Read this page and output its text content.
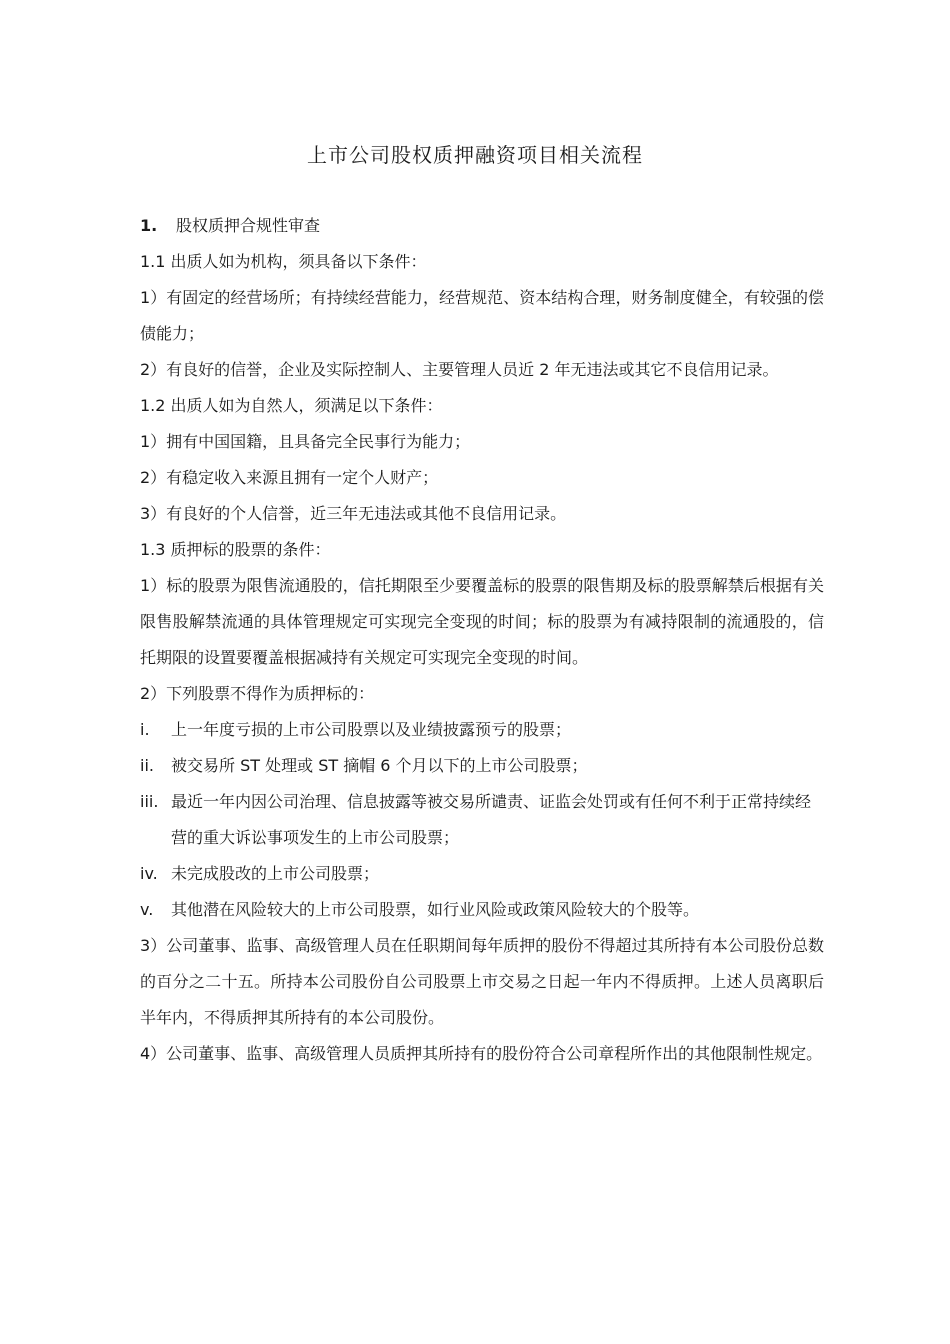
上市公司股权质押融资项目相关流程
1.	股权质押合规性审查

1.1 出质人如为机构，须具备以下条件：

1）有固定的经营场所；有持续经营能力，经营规范、资本结构合理，财务制度健全，有较强的偿债能力；

2）有良好的信誉，企业及实际控制人、主要管理人员近 2 年无违法或其它不良信用记录。

1.2 出质人如为自然人，须满足以下条件：

1）拥有中国国籍，且具备完全民事行为能力；

2）有稳定收入来源且拥有一定个人财产；

3）有良好的个人信誉，近三年无违法或其他不良信用记录。

1.3 质押标的股票的条件：

1）标的股票为限售流通股的，信托期限至少要覆盖标的股票的限售期及标的股票解禁后根据有关限售股解禁流通的具体管理规定可实现完全变现的时间；标的股票为有减持限制的流通股的，信托期限的设置要覆盖根据减持有关规定可实现完全变现的时间。

2）下列股票不得作为质押标的：

i.	上一年度亏损的上市公司股票以及业绩披露预亏的股票；
ii.	被交易所 ST 处理或 ST 摘帽 6 个月以下的上市公司股票；
iii. 最近一年内因公司治理、信息披露等被交易所谴责、证监会处罚或有任何不利于正常持续经营的重大诉讼事项发生的上市公司股票；
iv. 未完成股改的上市公司股票；
v.	其他潜在风险较大的上市公司股票，如行业风险或政策风险较大的个股等。

3）公司董事、监事、高级管理人员在任职期间每年质押的股份不得超过其所持有本公司股份总数的百分之二十五。所持本公司股份自公司股票上市交易之日起一年内不得质押。上述人员离职后半年内，不得质押其所持有的本公司股份。

4）公司董事、监事、高级管理人员质押其所持有的股份符合公司章程所作出的其他限制性规定。
